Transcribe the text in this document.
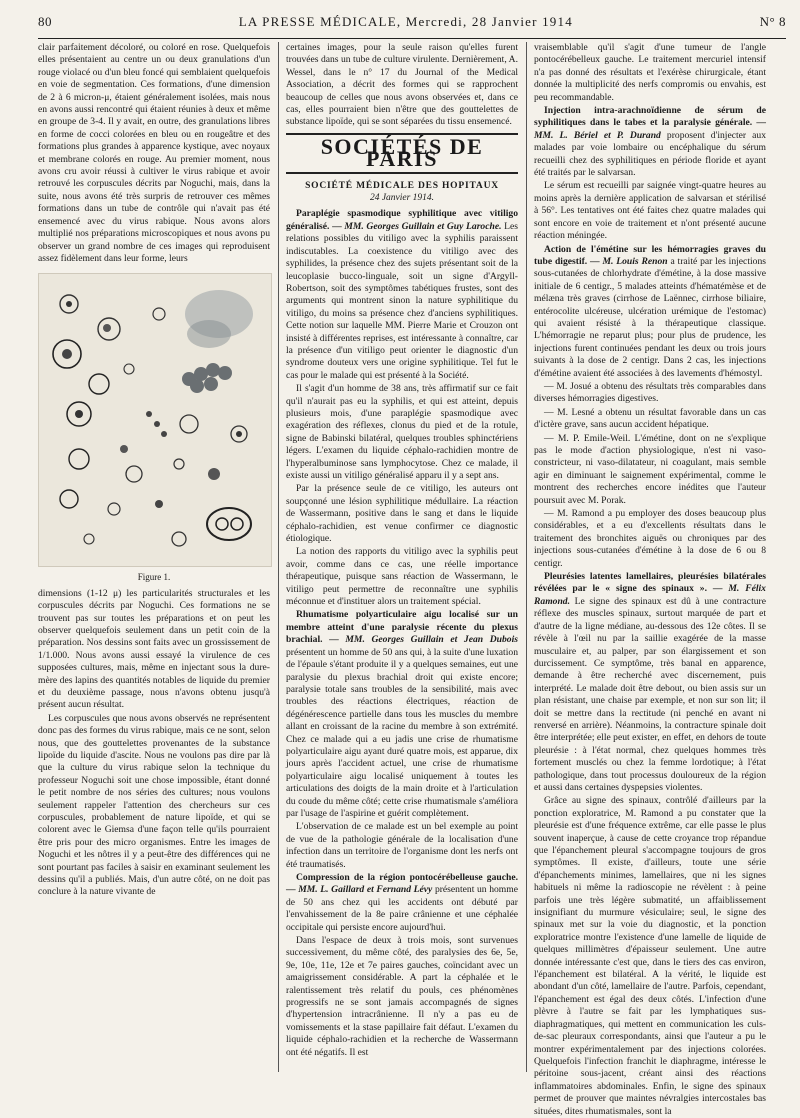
80	LA PRESSE MÉDICALE, Mercredi, 28 Janvier 1914	N° 8

clair parfaitement décoloré, ou coloré en rose. Quelquefois elles présentaient au centre un ou deux granulations d'un rouge violacé ou d'un bleu foncé qui semblaient quelquefois en voie de segmentation. Ces formations, d'une dimension de 2 à 6 micron-μ, étaient généralement isolées, mais nous en avons aussi rencontré qui étaient réunies à deux et même en groupe de 3-4. Il y avait, en outre, des granulations libres en forme de cocci colorées en bleu ou en rougeâtre et des formations plus grandes à apparence kystique, avec noyaux et membrane colorés en rouge. Au premier moment, nous avons cru avoir réussi à cultiver le virus rabique et avoir retrouvé les corpuscules décrits par Noguchi, mais, dans la suite, nous avons été très surpris de retrouver ces mêmes formations dans un tube de contrôle qui n'avait pas été ensemencé avec du virus rabique. Nous avons alors multiplié nos préparations microscopiques et nous avons pu observer un grand nombre de ces images qui reproduisent assez fidèlement dans leur forme, leurs

Figure 1.

dimensions (1-12 μ) les particularités structurales et les corpuscules décrits par Noguchi. Ces formations ne se trouvent pas sur toutes les préparations et on peut les observer quelquefois seulement dans un petit coin de la préparation. Nos dessins sont faits avec un grossissement de 1/1.000. Nous avons aussi essayé la virulence de ces supposées cultures, mais, même en injectant sous la dure-mère des lapins des quantités notables de liquide du premier et du deuxième passage, nous n'avons obtenu jusqu'à présent aucun résultat.

Les corpuscules que nous avons observés ne représentent donc pas des formes du virus rabique, mais ce ne sont, selon nous, que des gouttelettes provenantes de la substance lipoïde du liquide d'ascite. Nous ne voulons pas dire par là que la culture du virus rabique selon la technique du professeur Noguchi soit une chose impossible, étant donné le petit nombre de nos séries des cultures; nous voulons seulement rappeler l'attention des chercheurs sur ces corpuscules, probablement de nature lipoïde, et qui se colorent avec le Giemsa d'une façon telle qu'ils pourraient être pris pour des micro organismes. Entre les images de Noguchi et les nôtres il y a peut-être des différences qui ne sont pourtant pas faciles à saisir en examinant seulement les dessins qu'il a publiés. Mais, d'un autre côté, on ne doit pas conclure à la nature vivante de

certaines images, pour la seule raison qu'elles furent trouvées dans un tube de culture virulente. Dernièrement, A. Wessel, dans le n° 17 du Journal of the Medical Association, a décrit des formes qui se rapprochent beaucoup de celles que nous avons observées et, dans ce cas, elles pourraient bien n'être que des gouttelettes de substance lipoïde, qui se sont séparées du tissu ensemencé.

SOCIÉTÉS DE PARIS
SOCIÉTÉ MÉDICALE DES HOPITAUX
24 Janvier 1914.

Paraplégie spasmodique syphilitique avec vitiligo généralisé. — MM. Georges Guillain et Guy Laroche. Les relations possibles du vitiligo avec la syphilis paraissent indiscutables. La coexistence du vitiligo avec des syphilides, la présence chez des sujets présentant soit de la leucoplasie bucco-linguale, soit un signe d'Argyll-Robertson, soit des symptômes tabétiques frustes, sont des arguments qui montrent sinon la nature syphilitique du vitiligo, du moins sa présence chez d'anciens syphilitiques. Cette notion sur laquelle MM. Pierre Marie et Crouzon ont insisté à différentes reprises, est intéressante à connaître, car la présence d'un vitiligo peut orienter le diagnostic d'un syndrome douteux vers une origine syphilitique. Tel fut le cas pour le malade qui est présenté à la Société.

Il s'agit d'un homme de 38 ans, très affirmatif sur ce fait qu'il n'aurait pas eu la syphilis, et qui est atteint, depuis plusieurs mois, d'une paraplégie spasmodique avec exagération des réflexes, clonus du pied et de la rotule, signe de Babinski bilatéral, quelques troubles sphinctériens légers. L'examen du liquide céphalo-rachidien montre de l'hyperalbuminose sans lymphocytose. Chez ce malade, il existe aussi un vitiligo généralisé apparu il y a sept ans.

Par la présence seule de ce vitiligo, les auteurs ont soupçonné une lésion syphilitique médullaire. La réaction de Wassermann, positive dans le sang et dans le liquide céphalo-rachidien, est venue confirmer ce diagnostic étiologique.

La notion des rapports du vitiligo avec la syphilis peut avoir, comme dans ce cas, une réelle importance thérapeutique, puisque sans réaction de Wassermann, le vitiligo peut permettre de reconnaître une syphilis méconnue et d'instituer alors un traitement spécial.

Rhumatisme polyarticulaire aigu localisé sur un membre atteint d'une paralysie récente du plexus brachial. — MM. Georges Guillain et Jean Dubois présentent un homme de 50 ans qui, à la suite d'une luxation de l'épaule s'étant produite il y a quelques semaines, eut une paralysie du plexus brachial droit qui existe encore; paralysie totale sans troubles de la sensibilité, mais avec troubles des réactions électriques, réaction de dégénérescence partielle dans tous les muscles du membre allant en croissant de la racine du membre à son extrémité. Chez ce malade qui a eu jadis une crise de rhumatisme polyarticulaire aigu ayant duré quatre mois, est apparue, dix jours après l'accident actuel, une crise de rhumatisme polyarticulaire aigu localisé uniquement à toutes les articulations des doigts de la main droite et à l'articulation du coude du même côté; cette crise rhumatismale s'améliora par l'usage de l'aspirine et guérit complètement.

L'observation de ce malade est un bel exemple au point de vue de la pathologie générale de la localisation d'une infection dans un territoire de l'organisme dont les nerfs ont été traumatisés.

Compression de la région pontocérébelleuse gauche. — MM. L. Gaillard et Fernand Lévy présentent un homme de 50 ans chez qui les accidents ont débuté par l'envahissement de la 8e paire crânienne et une céphalée occipitale qui persiste encore aujourd'hui.

Dans l'espace de deux à trois mois, sont survenues successivement, du même côté, des paralysies des 6e, 5e, 9e, 10e, 11e, 12e et 7e paires gauches, coïncidant avec un amaigrissement considérable. A part la céphalée et le ralentissement très relatif du pouls, ces phénomènes progressifs ne se sont jamais accompagnés de signes d'hypertension intracrânienne. Il n'y a pas eu de vomissements et la stase papillaire fait défaut. L'examen du liquide céphalo-rachidien et la recherche de Wassermann ont été négatifs. Il est

vraisemblable qu'il s'agit d'une tumeur de l'angle pontocérébelleux gauche. Le traitement mercuriel intensif n'a pas donné des résultats et l'exérèse chirurgicale, étant donnée la multiplicité des nerfs compromis ou envahis, est peu recommandable.

Injection intra-arachnoïdienne de sérum de syphilitiques dans le tabes et la paralysie générale. — MM. L. Bériel et P. Durand proposent d'injecter aux malades par voie lombaire ou encéphalique du sérum recueilli chez des syphilitiques en période floride et ayant été traités par le salvarsan.

Le sérum est recueilli par saignée vingt-quatre heures au moins après la dernière application de salvarsan et stérilisé à 56°. Les tentatives ont été faites chez quatre malades qui sont encore en voie de traitement et n'ont présenté aucune réaction méningée.

Action de l'émétine sur les hémorragies graves du tube digestif. — M. Louis Renon a traité par les injections sous-cutanées de chlorhydrate d'émétine, à la dose massive initiale de 6 centigr., 5 malades atteints d'hématémèse et de mélæna très graves (cirrhose de Laënnec, cirrhose biliaire, entérocolite ulcéreuse, ulcération urémique de l'estomac) qui avaient résisté à la thérapeutique classique. L'hémorragie ne reparut plus; pour plus de prudence, les injections furent continuées pendant les deux ou trois jours suivants à la dose de 2 centigr. Dans 2 cas, les injections d'émétine avaient été associées à des lavements d'hémostyl.

— M. Josué a obtenu des résultats très comparables dans diverses hémorragies digestives.

— M. Lesné a obtenu un résultat favorable dans un cas d'ictère grave, sans aucun accident hépatique.

— M. P. Emile-Weil. L'émétine, dont on ne s'explique pas le mode d'action physiologique, n'est ni vaso-constricteur, ni vaso-dilatateur, ni coagulant, mais semble agir en diminuant le saignement expérimental, comme le montrent des recherches encore inédites que l'auteur poursuit avec M. Porak.

— M. Ramond a pu employer des doses beaucoup plus considérables, et a eu d'excellents résultats dans le traitement des bronchites aiguës ou chroniques par des injections sous-cutanées d'émétine à la dose de 6 ou 8 centigr.

Pleurésies latentes lamellaires, pleurésies bilatérales révélées par le « signe des spinaux ». — M. Félix Ramond. Le signe des spinaux est dû à une contracture réflexe des muscles spinaux, surtout marquée de part et d'autre de la ligne médiane, au-dessous des 12e côtes. Il se révèle à l'œil nu par la saillie exagérée de la masse musculaire et, au palper, par son élargissement et son durcissement. Ce symptôme, très banal en apparence, demande à être recherché avec discernement, puis interprété. Le malade doit être debout, ou bien assis sur un plan résistant, une chaise par exemple, et non sur son lit; il doit se mettre dans la rectitude (ni penché en avant ni renversé en arrière). Néanmoins, la contracture spinale doit être interprétée; elle peut exister, en effet, en dehors de toute pleurésie : à l'état normal, chez quelques hommes très fortement musclés ou chez la femme lordotique; à l'état pathologique, dans tout processus douloureux de la région et aussi dans certaines dyspepsies violentes.

Grâce au signe des spinaux, contrôlé d'ailleurs par la ponction exploratrice, M. Ramond a pu constater que la pleurésie est d'une fréquence extrême, car elle passe le plus souvent inaperçue, à cause de cette croyance trop répandue que l'épanchement pleural s'accompagne toujours de gros symptômes. Il existe, d'ailleurs, toute une série d'épanchements minimes, lamellaires, que ni les signes habituels ni même la radioscopie ne révèlent : à peine parfois une très légère submatité, un affaiblissement insignifiant du murmure vésiculaire; seul, le signe des spinaux met sur la voie du diagnostic, et la ponction exploratrice montre l'existence d'une lamelle de liquide de quelques millimètres d'épaisseur seulement. Une autre donnée intéressante c'est que, dans le tiers des cas environ, l'épanchement est bilatéral. A la vérité, le liquide est abondant d'un côté, lamellaire de l'autre. Parfois, cependant, l'épanchement est égal des deux côtés. L'infection d'une plèvre à l'autre se fait par les lymphatiques sus-diaphragmatiques, qui mettent en communication les culs-de-sac pleuraux correspondants, ainsi que l'auteur a pu le montrer expérimentalement par des injections colorées. Quelquefois l'infection franchit le diaphragme, intéresse le péritoine sous-jacent, créant ainsi des réactions inflammatoires abdominales. Enfin, le signe des spinaux permet de prouver que maintes névralgies intercostales bas situées, dites rhumatismales, sont la
